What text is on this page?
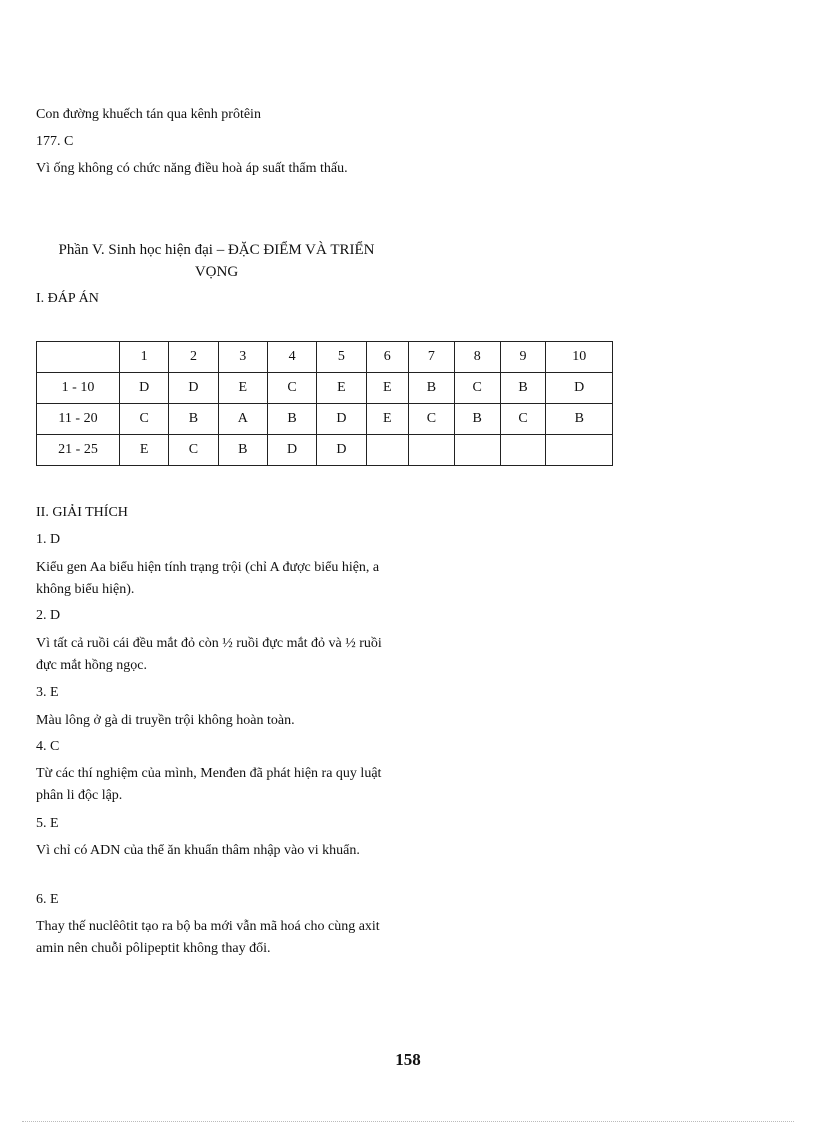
Con đường khuếch tán qua kênh prôtêin
177. C
Vì ống không có chức năng điều hoà áp suất thẩm thấu.
Phần V. Sinh học hiện đại – ĐẶC ĐIỂM VÀ TRIỂN VỌNG
I. ĐÁP ÁN
	1	2	3	4	5	6	7	8	9	10
1 - 10	D	D	E	C	E	E	B	C	B	D
11 - 20	C	B	A	B	D	E	C	B	C	B
21 - 25	E	C	B	D	D					
II. GIẢI THÍCH
1. D
Kiểu gen Aa biểu hiện tính trạng trội (chỉ A được biểu hiện, a không biểu hiện).
2. D
Vì tất cả ruồi cái đều mắt đỏ còn ½ ruồi đực mắt đỏ và ½ ruồi đực mắt hồng ngọc.
3. E
Màu lông ở gà di truyền trội không hoàn toàn.
4. C
Từ các thí nghiệm của mình, Menđen đã phát hiện ra quy luật phân li độc lập.
5. E
Vì chỉ có ADN của thể ăn khuẩn thâm nhập vào vi khuẩn.
6. E
Thay thế nuclêôtit tạo ra bộ ba mới vẫn mã hoá cho cùng axit amin nên chuỗi pôlipeptit không thay đổi.
158
